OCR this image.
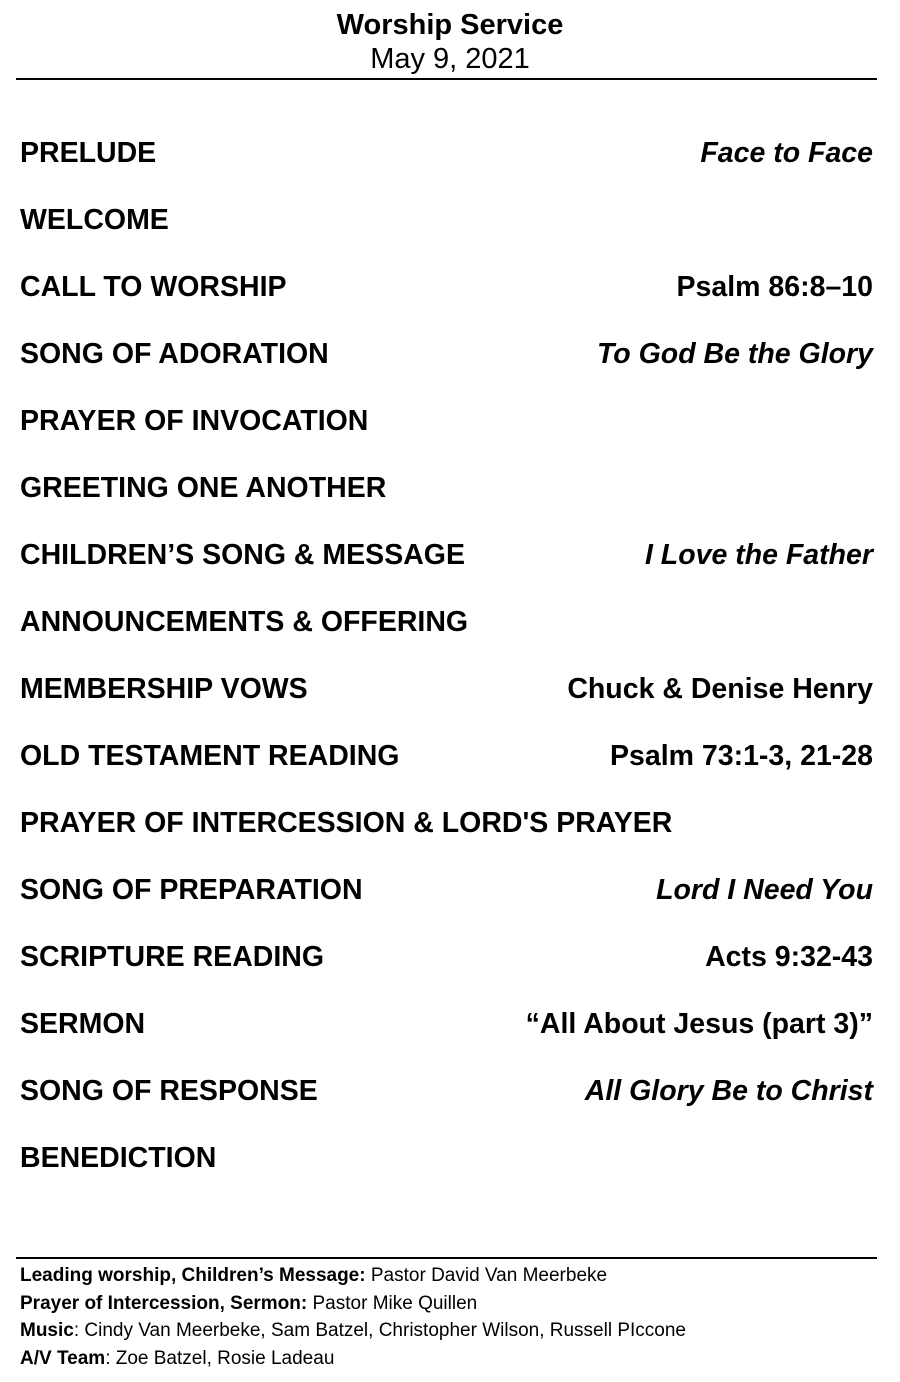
Worship Service
May 9, 2021
PRELUDE	Face to Face
WELCOME
CALL TO WORSHIP	Psalm 86:8–10
SONG OF ADORATION	To God Be the Glory
PRAYER OF INVOCATION
GREETING ONE ANOTHER
CHILDREN’S SONG & MESSAGE	I Love the Father
ANNOUNCEMENTS & OFFERING
MEMBERSHIP VOWS	Chuck & Denise Henry
OLD TESTAMENT READING	Psalm 73:1-3, 21-28
PRAYER OF INTERCESSION & LORD'S PRAYER
SONG OF PREPARATION	Lord I Need You
SCRIPTURE READING	Acts 9:32-43
SERMON	“All About Jesus (part 3)”
SONG OF RESPONSE	All Glory Be to Christ
BENEDICTION
Leading worship, Children’s Message: Pastor David Van Meerbeke
Prayer of Intercession, Sermon: Pastor Mike Quillen
Music: Cindy Van Meerbeke, Sam Batzel, Christopher Wilson, Russell PIccone
A/V Team: Zoe Batzel, Rosie Ladeau
